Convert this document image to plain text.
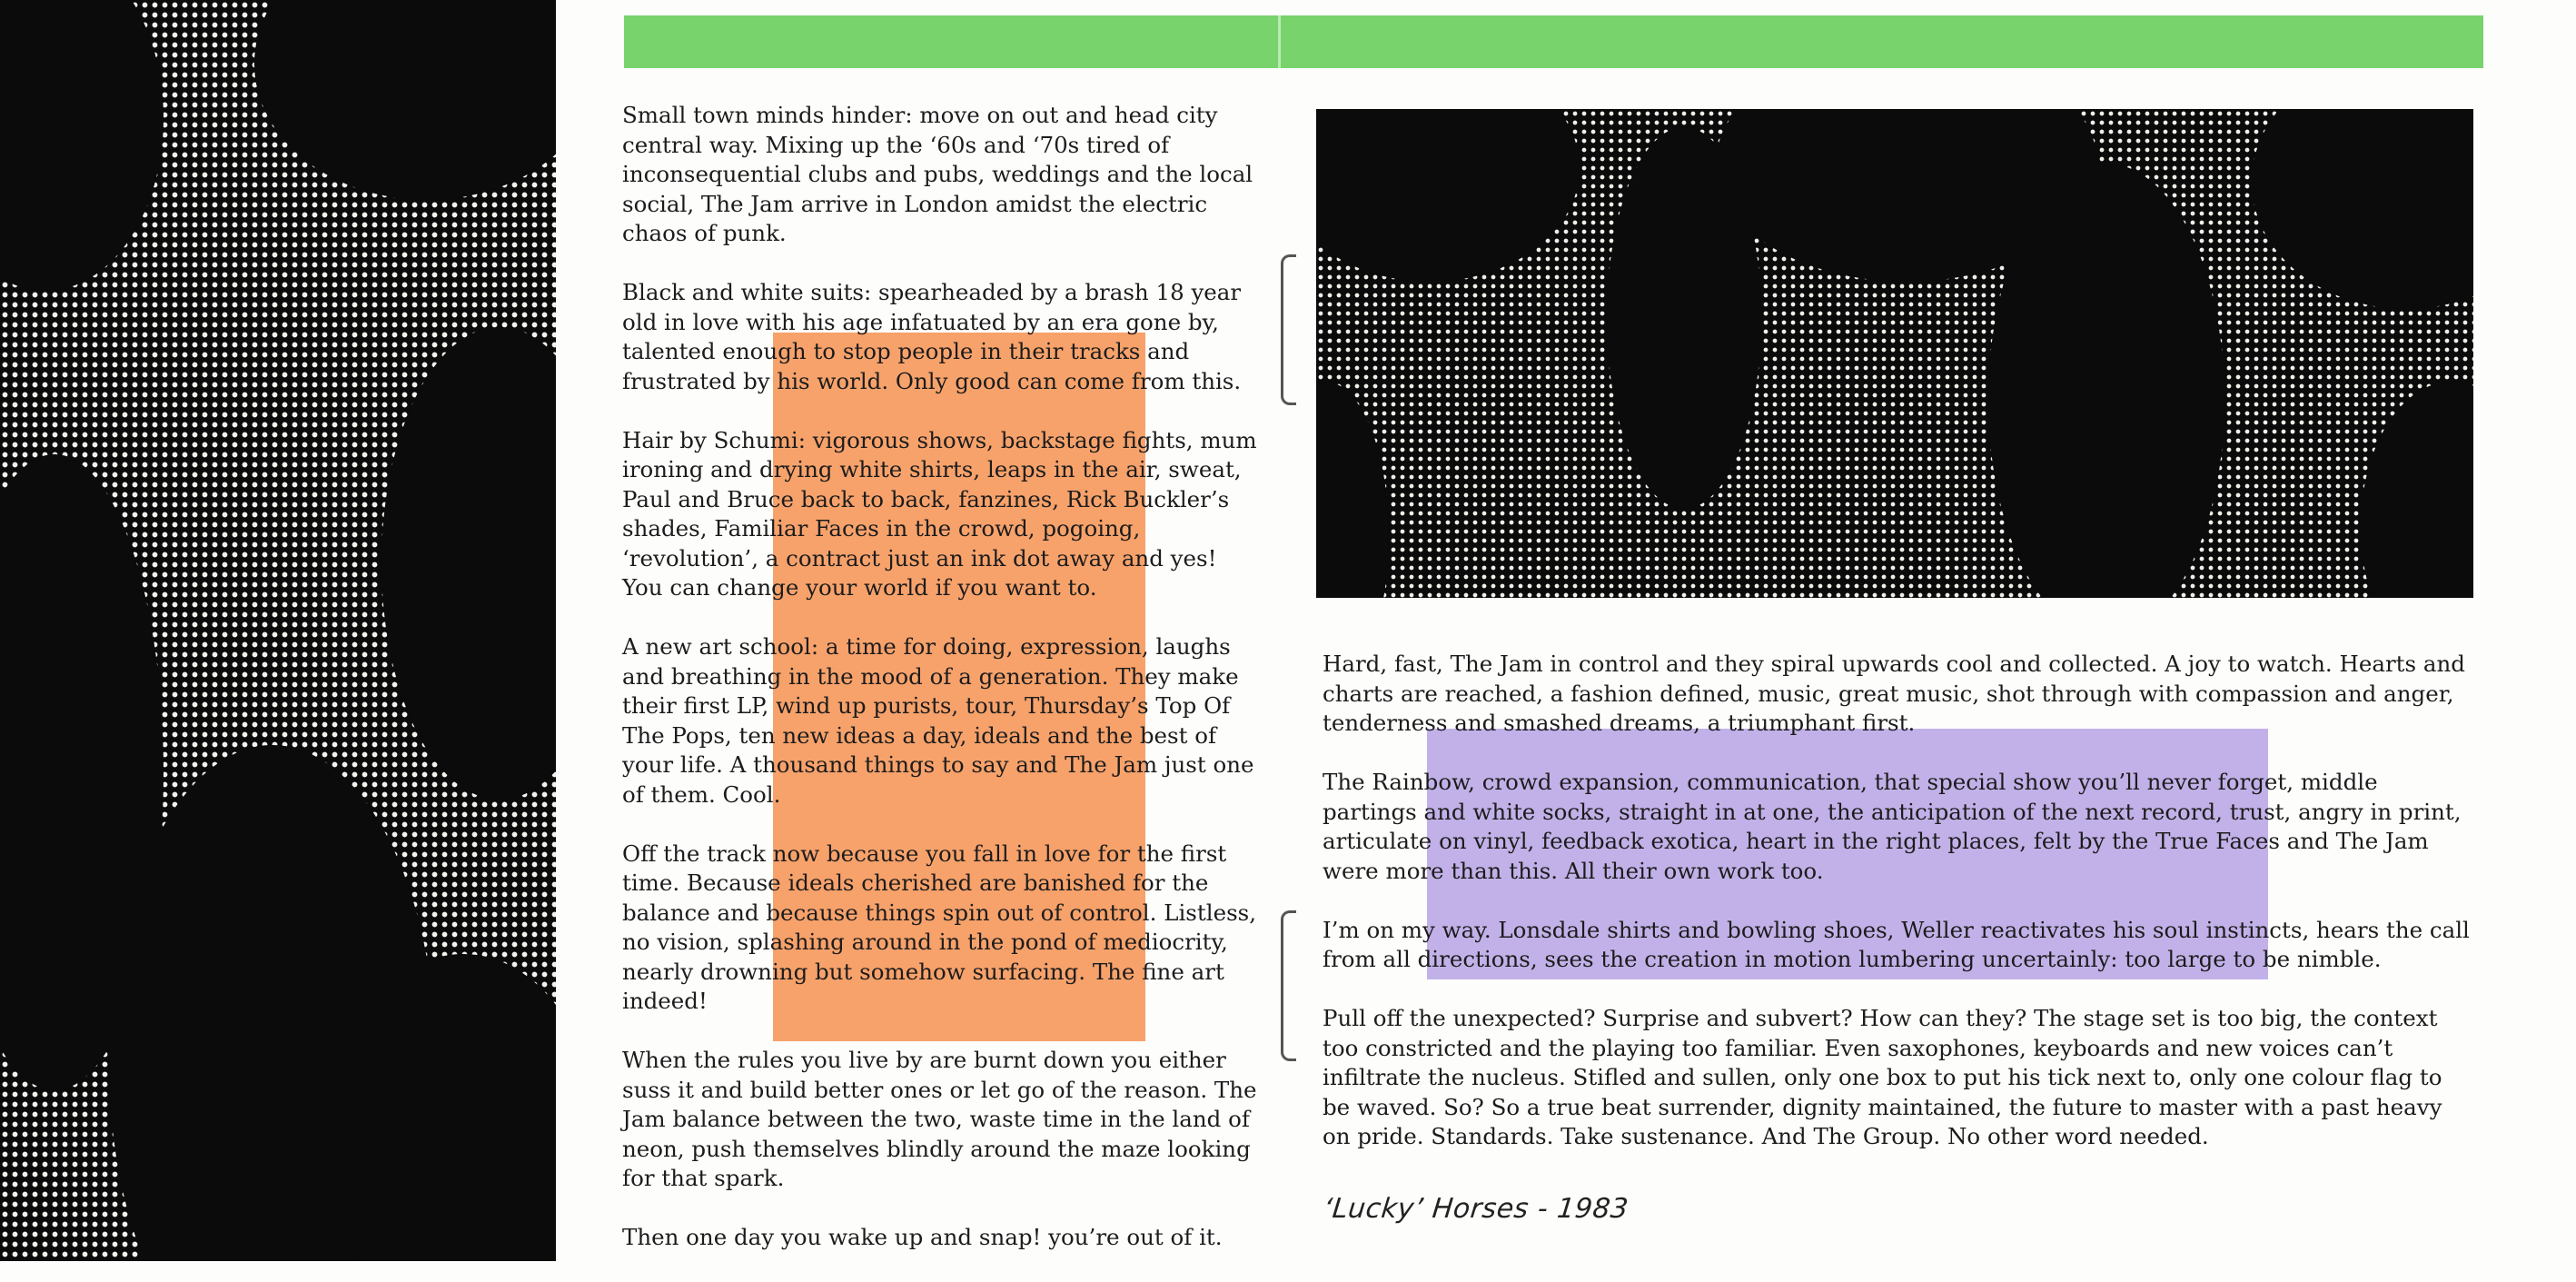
Small town minds hinder: move on out and head city central way. Mixing up the ‘60s and ‘70s tired of inconsequential clubs and pubs, weddings and the local social, The Jam arrive in London amidst the electric chaos of punk.

Black and white suits: spearheaded by a brash 18 year old in love with his age infatuated by an era gone by, talented enough to stop people in their tracks and frustrated by his world. Only good can come from this.

Hair by Schumi: vigorous shows, backstage fights, mum ironing and drying white shirts, leaps in the air, sweat, Paul and Bruce back to back, fanzines, Rick Buckler’s shades, Familiar Faces in the crowd, pogoing, ‘revolution’, a contract just an ink dot away and yes! You can change your world if you want to.

A new art school: a time for doing, expression, laughs and breathing in the mood of a generation. They make their first LP, wind up purists, tour, Thursday’s Top Of The Pops, ten new ideas a day, ideals and the best of your life. A thousand things to say and The Jam just one of them. Cool.

Off the track now because you fall in love for the first time. Because ideals cherished are banished for the balance and because things spin out of control. Listless, no vision, splashing around in the pond of mediocrity, nearly drowning but somehow surfacing. The fine art indeed!

When the rules you live by are burnt down you either suss it and build better ones or let go of the reason. The Jam balance between the two, waste time in the land of neon, push themselves blindly around the maze looking for that spark.

Then one day you wake up and snap! you’re out of it.

Hard, fast, The Jam in control and they spiral upwards cool and collected. A joy to watch. Hearts and charts are reached, a fashion defined, music, great music, shot through with compassion and anger, tenderness and smashed dreams, a triumphant first.

The Rainbow, crowd expansion, communication, that special show you’ll never forget, middle partings and white socks, straight in at one, the anticipation of the next record, trust, angry in print, articulate on vinyl, feedback exotica, heart in the right places, felt by the True Faces and The Jam were more than this. All their own work too.

I’m on my way. Lonsdale shirts and bowling shoes, Weller reactivates his soul instincts, hears the call from all directions, sees the creation in motion lumbering uncertainly: too large to be nimble.

Pull off the unexpected? Surprise and subvert? How can they? The stage set is too big, the context too constricted and the playing too familiar. Even saxophones, keyboards and new voices can’t infiltrate the nucleus. Stifled and sullen, only one box to put his tick next to, only one colour flag to be waved. So? So a true beat surrender, dignity maintained, the future to master with a past heavy on pride. Standards. Take sustenance. And The Group. No other word needed.

‘Lucky’ Horses - 1983
